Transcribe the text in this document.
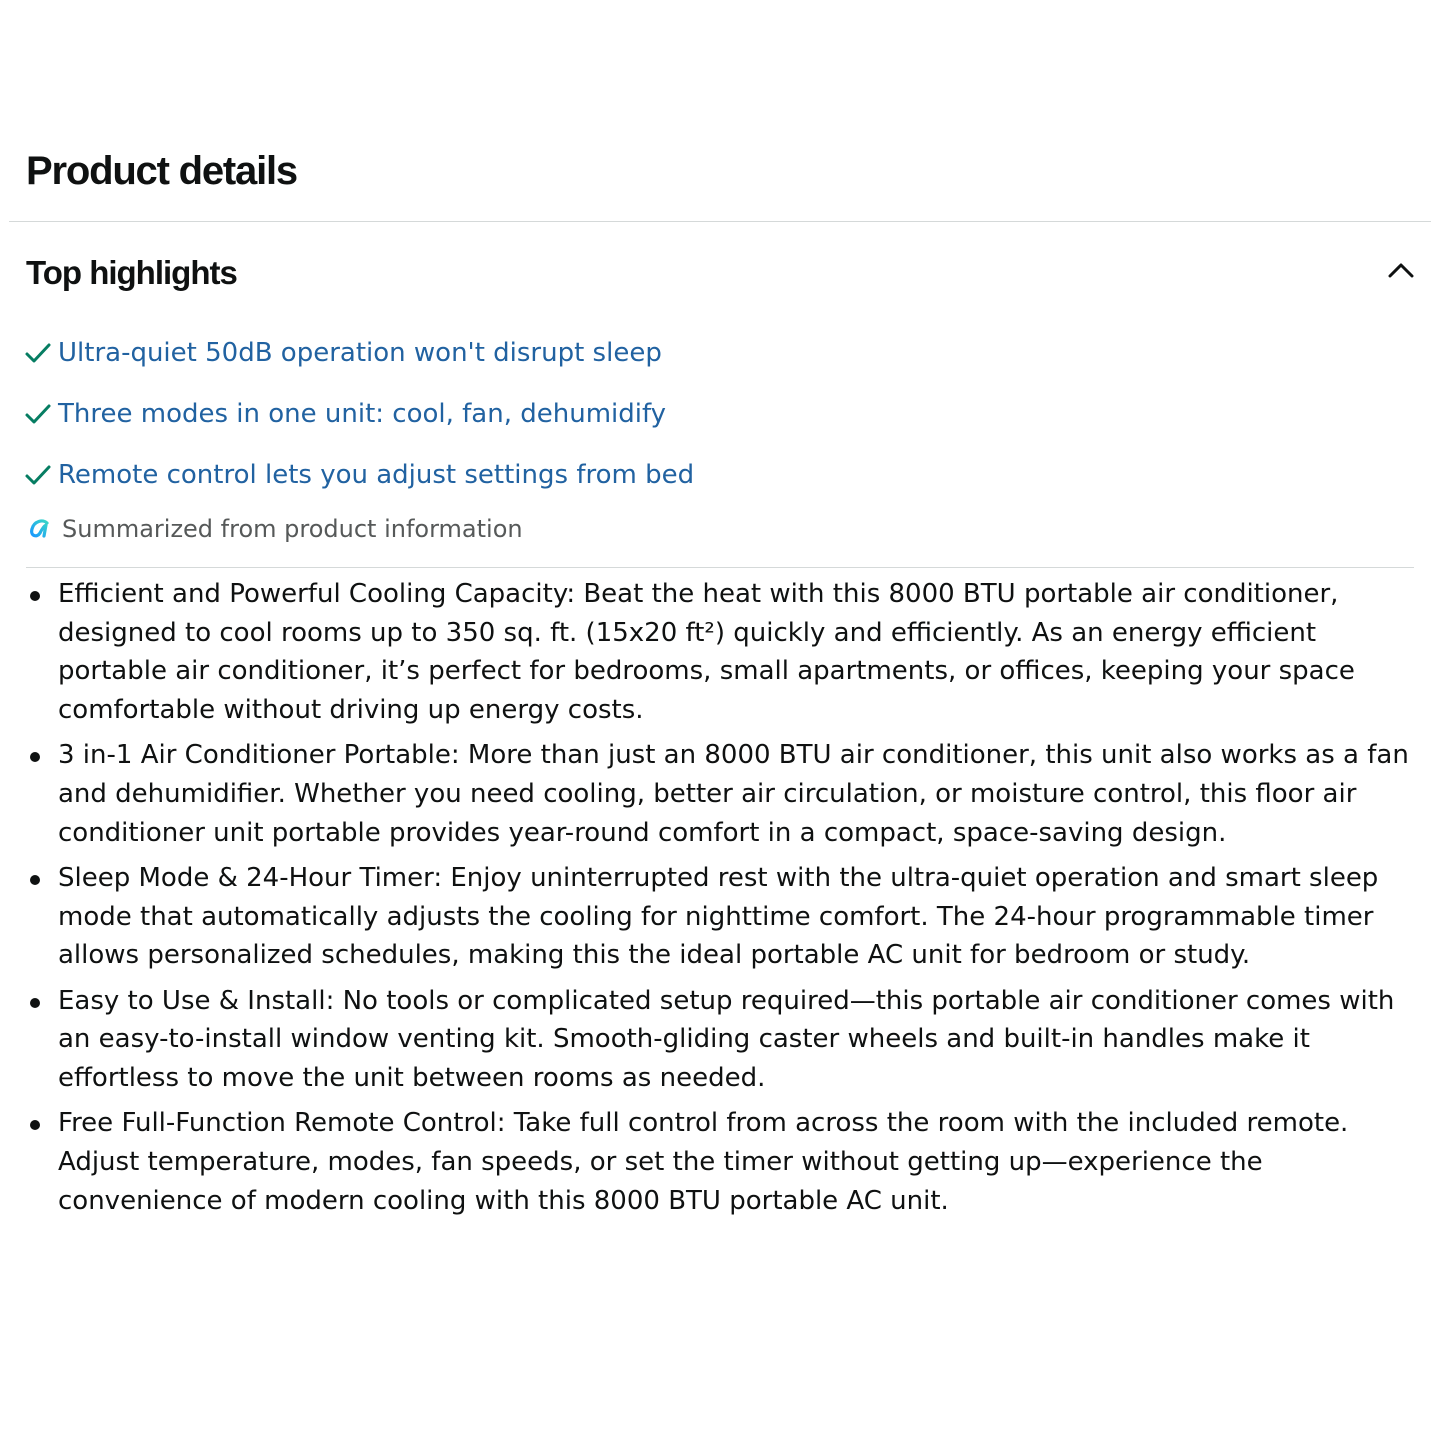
Product details
Top highlights
Ultra-quiet 50dB operation won't disrupt sleep
Three modes in one unit: cool, fan, dehumidify
Remote control lets you adjust settings from bed
Summarized from product information
Efficient and Powerful Cooling Capacity: Beat the heat with this 8000 BTU portable air conditioner, designed to cool rooms up to 350 sq. ft. (15x20 ft²) quickly and efficiently. As an energy efficient portable air conditioner, it’s perfect for bedrooms, small apartments, or offices, keeping your space comfortable without driving up energy costs.
3 in-1 Air Conditioner Portable: More than just an 8000 BTU air conditioner, this unit also works as a fan and dehumidifier. Whether you need cooling, better air circulation, or moisture control, this floor air conditioner unit portable provides year-round comfort in a compact, space-saving design.
Sleep Mode & 24-Hour Timer: Enjoy uninterrupted rest with the ultra-quiet operation and smart sleep mode that automatically adjusts the cooling for nighttime comfort. The 24-hour programmable timer allows personalized schedules, making this the ideal portable AC unit for bedroom or study.
Easy to Use & Install: No tools or complicated setup required—this portable air conditioner comes with an easy-to-install window venting kit. Smooth-gliding caster wheels and built-in handles make it effortless to move the unit between rooms as needed.
Free Full-Function Remote Control: Take full control from across the room with the included remote. Adjust temperature, modes, fan speeds, or set the timer without getting up—experience the convenience of modern cooling with this 8000 BTU portable AC unit.
